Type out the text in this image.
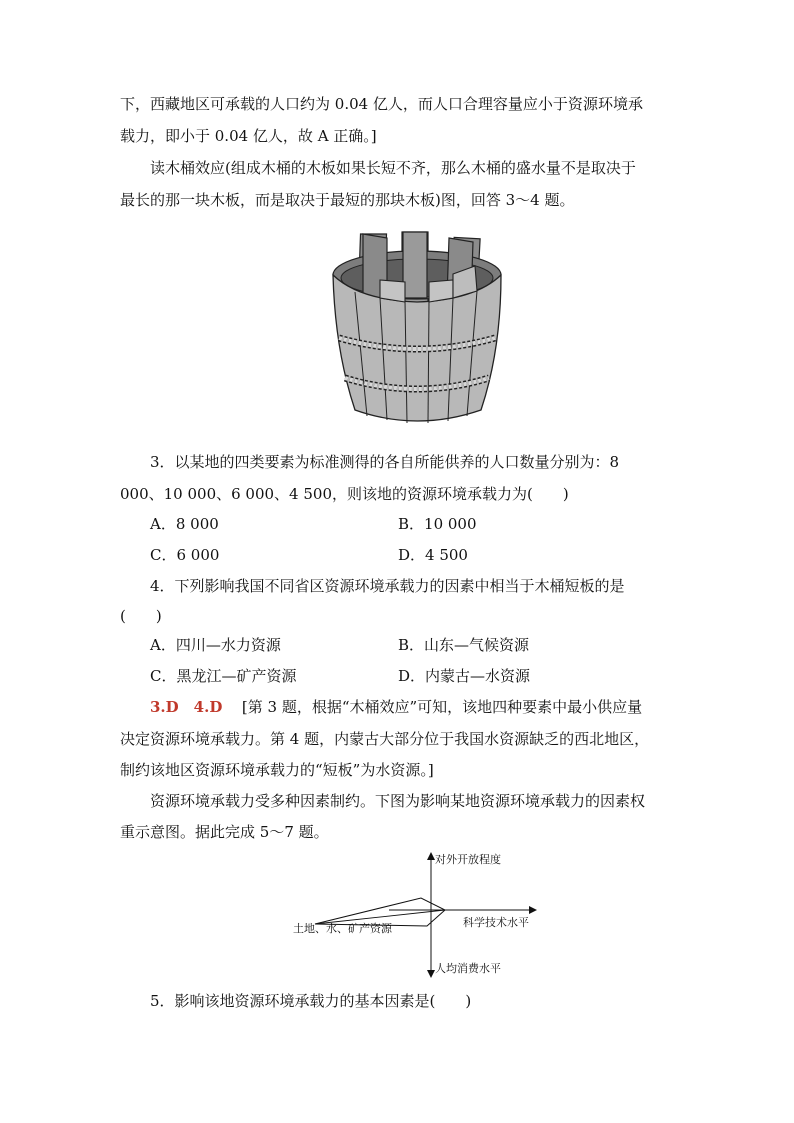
下，西藏地区可承载的人口约为 0.04 亿人，而人口合理容量应小于资源环境承
载力，即小于 0.04 亿人，故 A 正确。]
读木桶效应(组成木桶的木板如果长短不齐，那么木桶的盛水量不是取决于
最长的那一块木板，而是取决于最短的那块木板)图，回答 3～4 题。
3．以某地的四类要素为标准测得的各自所能供养的人口数量分别为：8
000、10 000、6 000、4 500，则该地的资源环境承载力为(　　)
A．8 000	B．10 000
C．6 000	D．4 500
4．下列影响我国不同省区资源环境承载力的因素中相当于木桶短板的是
(　　)
A．四川—水力资源	B．山东—气候资源
C．黑龙江—矿产资源	D．内蒙古—水资源
3.D　4.D [第 3 题，根据“木桶效应”可知，该地四种要素中最小供应量
决定资源环境承载力。第 4 题，内蒙古大部分位于我国水资源缺乏的西北地区，
制约该地区资源环境承载力的“短板”为水资源。]
资源环境承载力受多种因素制约。下图为影响某地资源环境承载力的因素权
重示意图。据此完成 5～7 题。
对外开放程度
科学技术水平
土地、水、矿产资源
人均消费水平
5．影响该地资源环境承载力的基本因素是(　　)
